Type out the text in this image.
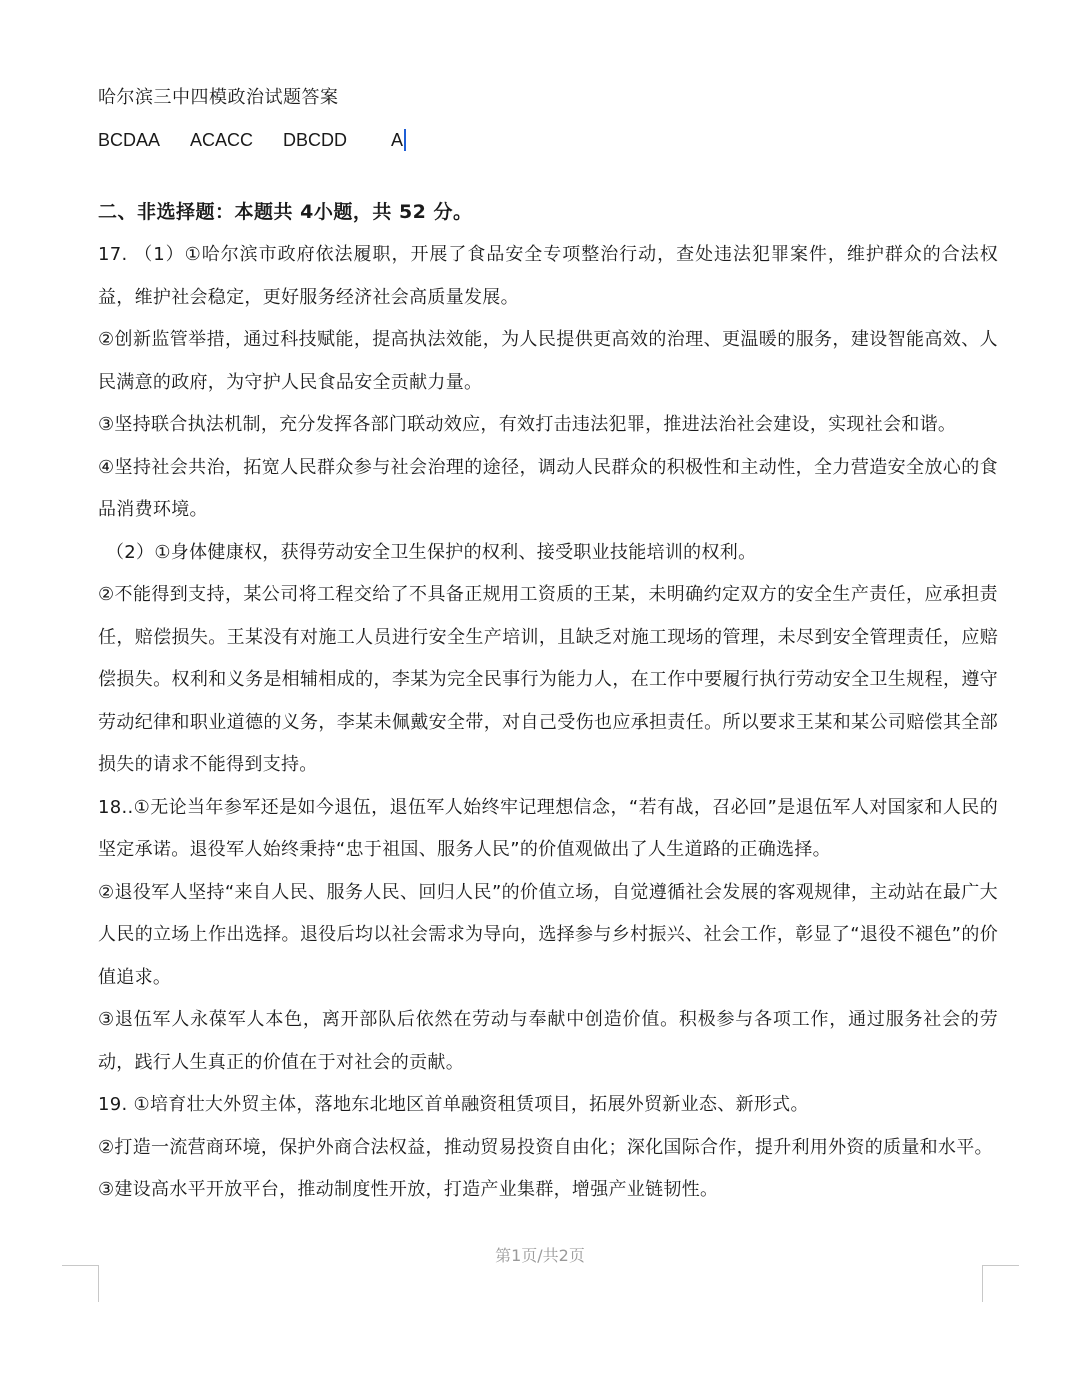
哈尔滨三中四模政治试题答案

BCDAA ACACC DBCDD A

二、非选择题：本题共 4小题，共 52 分。

17. （1）①哈尔滨市政府依法履职，开展了食品安全专项整治行动，查处违法犯罪案件，维护群众的合法权益，维护社会稳定，更好服务经济社会高质量发展。

②创新监管举措，通过科技赋能，提高执法效能，为人民提供更高效的治理、更温暖的服务，建设智能高效、人民满意的政府，为守护人民食品安全贡献力量。

③坚持联合执法机制，充分发挥各部门联动效应，有效打击违法犯罪，推进法治社会建设，实现社会和谐。

④坚持社会共治，拓宽人民群众参与社会治理的途径，调动人民群众的积极性和主动性，全力营造安全放心的食品消费环境。

（2）①身体健康权，获得劳动安全卫生保护的权利、接受职业技能培训的权利。

②不能得到支持，某公司将工程交给了不具备正规用工资质的王某，未明确约定双方的安全生产责任，应承担责任，赔偿损失。王某没有对施工人员进行安全生产培训，且缺乏对施工现场的管理，未尽到安全管理责任，应赔偿损失。权利和义务是相辅相成的，李某为完全民事行为能力人，在工作中要履行执行劳动安全卫生规程，遵守劳动纪律和职业道德的义务，李某未佩戴安全带，对自己受伤也应承担责任。所以要求王某和某公司赔偿其全部损失的请求不能得到支持。

18..①无论当年参军还是如今退伍，退伍军人始终牢记理想信念，“若有战，召必回”是退伍军人对国家和人民的坚定承诺。退役军人始终秉持“忠于祖国、服务人民”的价值观做出了人生道路的正确选择。

②退役军人坚持“来自人民、服务人民、回归人民”的价值立场，自觉遵循社会发展的客观规律，主动站在最广大人民的立场上作出选择。退役后均以社会需求为导向，选择参与乡村振兴、社会工作，彰显了“退役不褪色”的价值追求。

③退伍军人永葆军人本色，离开部队后依然在劳动与奉献中创造价值。积极参与各项工作，通过服务社会的劳动，践行人生真正的价值在于对社会的贡献。

19. ①培育壮大外贸主体，落地东北地区首单融资租赁项目，拓展外贸新业态、新形式。

②打造一流营商环境，保护外商合法权益，推动贸易投资自由化；深化国际合作，提升利用外资的质量和水平。

③建设高水平开放平台，推动制度性开放，打造产业集群，增强产业链韧性。

第1页/共2页
